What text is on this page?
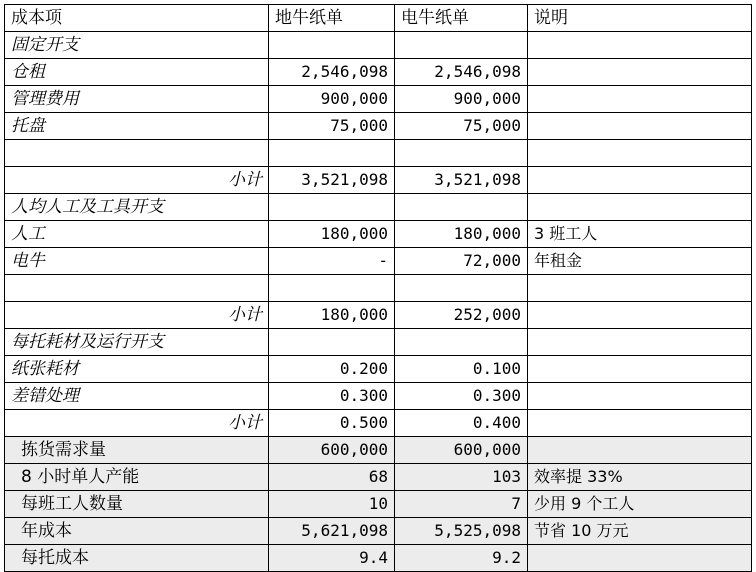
成本项	地牛纸单	电牛纸单	说明
固定开支			
仓租	2,546,098	2,546,098	
管理费用	900,000	900,000	
托盘	75,000	75,000	

小计	3,521,098	3,521,098	
人均人工及工具开支			
人工	180,000	180,000	3 班工人
电牛	-	72,000	年租金

小计	180,000	252,000	
每托耗材及运行开支			
纸张耗材	0.200	0.100	
差错处理	0.300	0.300	
小计	0.500	0.400	
拣货需求量	600,000	600,000	
8 小时单人产能	68	103	效率提 33%
每班工人数量	10	7	少用 9 个工人
年成本	5,621,098	5,525,098	节省 10 万元
每托成本	9.4	9.2	
